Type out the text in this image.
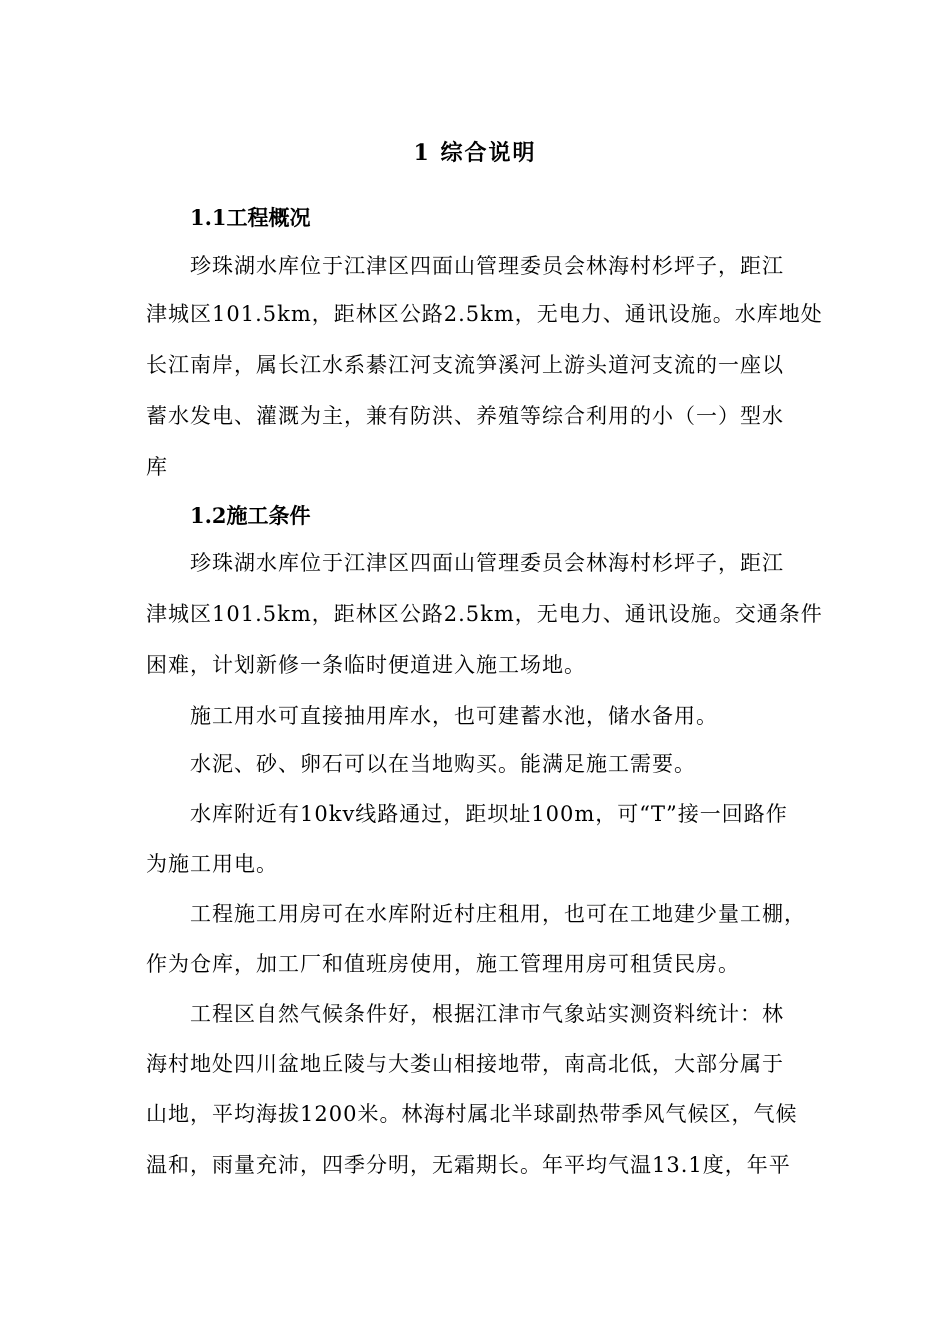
1 综合说明
1.1工程概况

珍珠湖水库位于江津区四面山管理委员会林海村杉坪子，距江

津城区101.5km，距林区公路2.5km，无电力、通讯设施。水库地处

长江南岸，属长江水系綦江河支流笋溪河上游头道河支流的一座以

蓄水发电、灌溉为主，兼有防洪、养殖等综合利用的小（一）型水

库

1.2施工条件

珍珠湖水库位于江津区四面山管理委员会林海村杉坪子，距江

津城区101.5km，距林区公路2.5km，无电力、通讯设施。交通条件

困难，计划新修一条临时便道进入施工场地。

施工用水可直接抽用库水，也可建蓄水池，储水备用。

水泥、砂、卵石可以在当地购买。能满足施工需要。

水库附近有10kv线路通过，距坝址100m，可“T”接一回路作

为施工用电。

工程施工用房可在水库附近村庄租用，也可在工地建少量工棚，

作为仓库，加工厂和值班房使用，施工管理用房可租赁民房。

工程区自然气候条件好，根据江津市气象站实测资料统计：林

海村地处四川盆地丘陵与大娄山相接地带，南高北低，大部分属于

山地，平均海拔1200米。林海村属北半球副热带季风气候区，气候

温和，雨量充沛，四季分明，无霜期长。年平均气温13.1度，年平
